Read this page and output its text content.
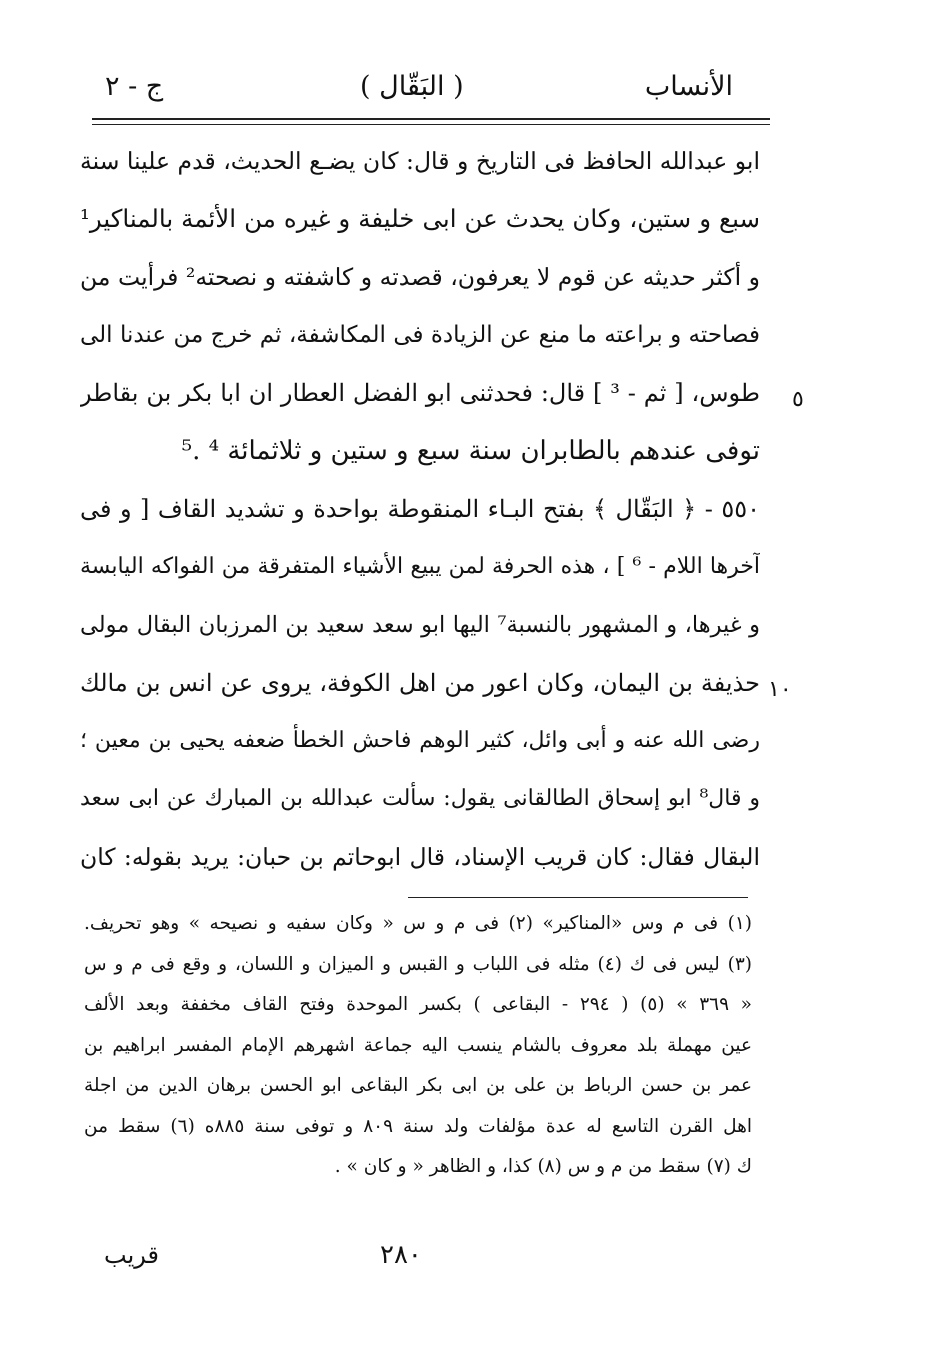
الأنساب
( البَقّال )
ج - ۲
ابو عبدالله الحافظ فى التاريخ و قال: كان يضـع الحديث، قدم علينا سنة
سبع و ستين، وكان يحدث عن ابى خليفة و غيره من الأئمة بالمناكير¹
و أكثر حديثه عن قوم لا يعرفون، قصدته و كاشفته و نصحته² فرأيت من
فصاحته و براعته ما منع عن الزيادة فى المكاشفة، ثم خرج من عندنا الى
طوس، [ ثم - ³ ] قال: فحدثنى ابو الفضل العطار ان ابا بكر بن بقاطر
توفى عندهم بالطابران سنة سبع و ستين و ثلاثمائة ⁴ .⁵
٥٥٠ - ﴿ البَقّال ﴾ بفتح البـاء المنقوطة بواحدة و تشديد القاف [ و فى
آخرها اللام - ⁶ ] ، هذه الحرفة لمن يبيع الأشياء المتفرقة من الفواكه اليابسة
و غيرها، و المشهور بالنسبة⁷ اليها ابو سعد سعيد بن المرزبان البقال مولى
حذيفة بن اليمان، وكان اعور من اهل الكوفة، يروى عن انس بن مالك
رضى الله عنه و أبى وائل، كثير الوهم فاحش الخطأ ضعفه يحيى بن معين ؛
و قال⁸ ابو إسحاق الطالقانى يقول: سألت عبدالله بن المبارك عن ابى سعد
البقال فقال: كان قريب الإسناد، قال ابوحاتم بن حبان: يريد بقوله: كان
٥
١٠
(١) فى م وس «المناكير» (٢) فى م و س « وكان سفيه و نصيحه » وهو تحريف.
(٣) ليس فى ك (٤) مثله فى اللباب و القبس و الميزان و اللسان، و وقع فى م و س
« ٣٦٩ » (٥) ( ٢٩٤ - البقاعى ) بكسر الموحدة وفتح القاف مخففة وبعد الألف
عين مهملة بلد معروف بالشام ينسب اليه جماعة اشهرهم الإمام المفسر ابراهيم بن
عمر بن حسن الرباط بن على بن ابى بكر البقاعى ابو الحسن برهان الدين من اجلة
اهل القرن التاسع له عدة مؤلفات ولد سنة ٨٠٩ و توفى سنة ٨٨٥ه (٦) سقط من
ك (٧) سقط من م و س (٨) كذا، و الظاهر « و كان » .
٢٨٠
قريب
